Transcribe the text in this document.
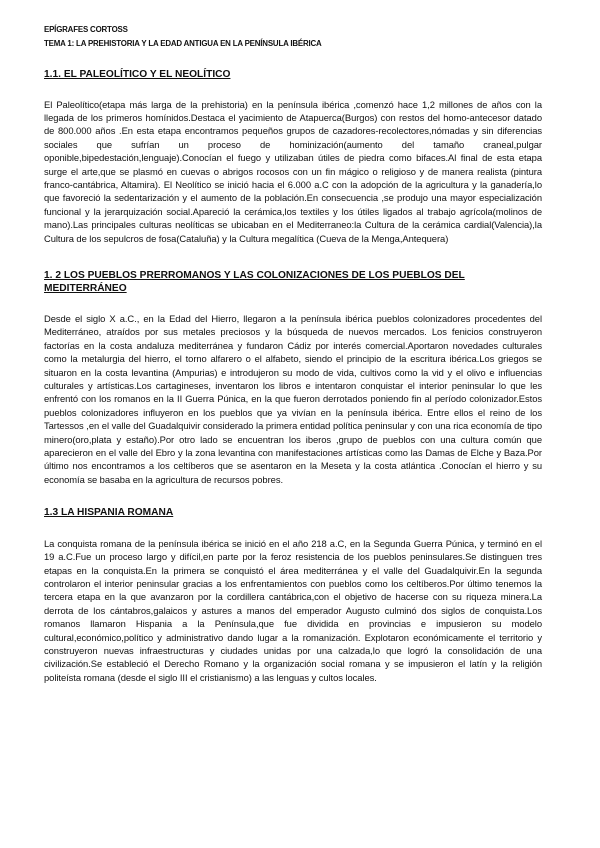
EPÍGRAFES CORTOSS
TEMA 1: LA PREHISTORIA Y LA EDAD ANTIGUA EN LA PENÍNSULA IBÉRICA
1.1. EL PALEOLÍTICO Y EL NEOLÍTICO

El Paleolítico(etapa más larga de la prehistoria) en la península ibérica ,comenzó hace 1,2 millones de años con la llegada de los primeros homínidos.Destaca el yacimiento de Atapuerca(Burgos) con restos del homo-antecesor datado de 800.000 años .En esta etapa encontramos pequeños grupos de cazadores-recolectores,nómadas y sin diferencias sociales que sufrían un proceso de hominización(aumento del tamaño craneal,pulgar oponible,bipedestación,lenguaje).Conocían el fuego y utilizaban útiles de piedra como bifaces.Al final de esta etapa surge el arte,que se plasmó en cuevas o abrigos rocosos con un fin mágico o religioso y de manera realista (pintura franco-cantábrica, Altamira). El Neolítico se inició hacia el 6.000 a.C con la adopción de la agricultura y la ganadería,lo que favoreció la sedentarización y el aumento de la población.En consecuencia ,se produjo una mayor especialización funcional y la jerarquización social.Apareció la cerámica,los textiles y los útiles ligados al trabajo agrícola(molinos de mano).Las principales culturas neolíticas se ubicaban en el Mediterraneo:la Cultura de la cerámica cardial(Valencia),la Cultura de los sepulcros de fosa(Cataluña) y la Cultura megalítica (Cueva de la Menga,Antequera)

1. 2 LOS PUEBLOS PRERROMANOS Y LAS COLONIZACIONES DE LOS PUEBLOS DEL MEDITERRÁNEO

Desde el siglo X a.C., en la Edad del Hierro, llegaron a la península ibérica pueblos colonizadores procedentes del Mediterráneo, atraídos por sus metales preciosos y la búsqueda de nuevos mercados. Los fenicios construyeron factorías en la costa andaluza mediterránea y fundaron Cádiz por interés comercial.Aportaron novedades culturales como la metalurgia del hierro, el torno alfarero o el alfabeto, siendo el principio de la escritura ibérica.Los griegos se situaron en la costa levantina (Ampurias) e introdujeron su modo de vida, cultivos como la vid y el olivo e influencias culturales y artísticas.Los cartagineses, inventaron los libros e intentaron conquistar el interior peninsular lo que les enfrentó con los romanos en la II Guerra Púnica, en la que fueron derrotados poniendo fin al período colonizador.Estos pueblos colonizadores influyeron en los pueblos que ya vivían en la península ibérica. Entre ellos el reino de los Tartessos ,en el valle del Guadalquivir considerado la primera entidad política peninsular y con una rica economía de tipo minero(oro,plata y estaño).Por otro lado se encuentran los iberos ,grupo de pueblos con una cultura común que aparecieron en el valle del Ebro y la zona levantina con manifestaciones artísticas como las Damas de Elche y Baza.Por último nos encontramos a los celtíberos que se asentaron en la Meseta y la costa atlántica .Conocían el hierro y su economía se basaba en la agricultura de recursos pobres.

1.3 LA HISPANIA ROMANA

La conquista romana de la península ibérica se inició en el año 218 a.C, en la Segunda Guerra Púnica, y terminó en el 19 a.C.Fue un proceso largo y difícil,en parte por la feroz resistencia de los pueblos peninsulares.Se distinguen tres etapas en la conquista.En la primera se conquistó el área mediterránea y el valle del Guadalquivir.En la segunda controlaron el interior peninsular gracias a los enfrentamientos con pueblos como los celtíberos.Por último tenemos la tercera etapa en la que avanzaron por la cordillera cantábrica,con el objetivo de hacerse con su riqueza minera.La derrota de los cántabros,galaicos y astures a manos del emperador Augusto culminó dos siglos de conquista.Los romanos llamaron Hispania a la Península,que fue dividida en provincias e impusieron su modelo cultural,económico,político y administrativo dando lugar a la romanización. Explotaron económicamente el territorio y construyeron nuevas infraestructuras y ciudades unidas por una calzada,lo que logró la consolidación de una civilización.Se estableció el Derecho Romano y la organización social romana y se impusieron el latín y la religión politeísta romana (desde el siglo III el cristianismo) a las lenguas y cultos locales.
